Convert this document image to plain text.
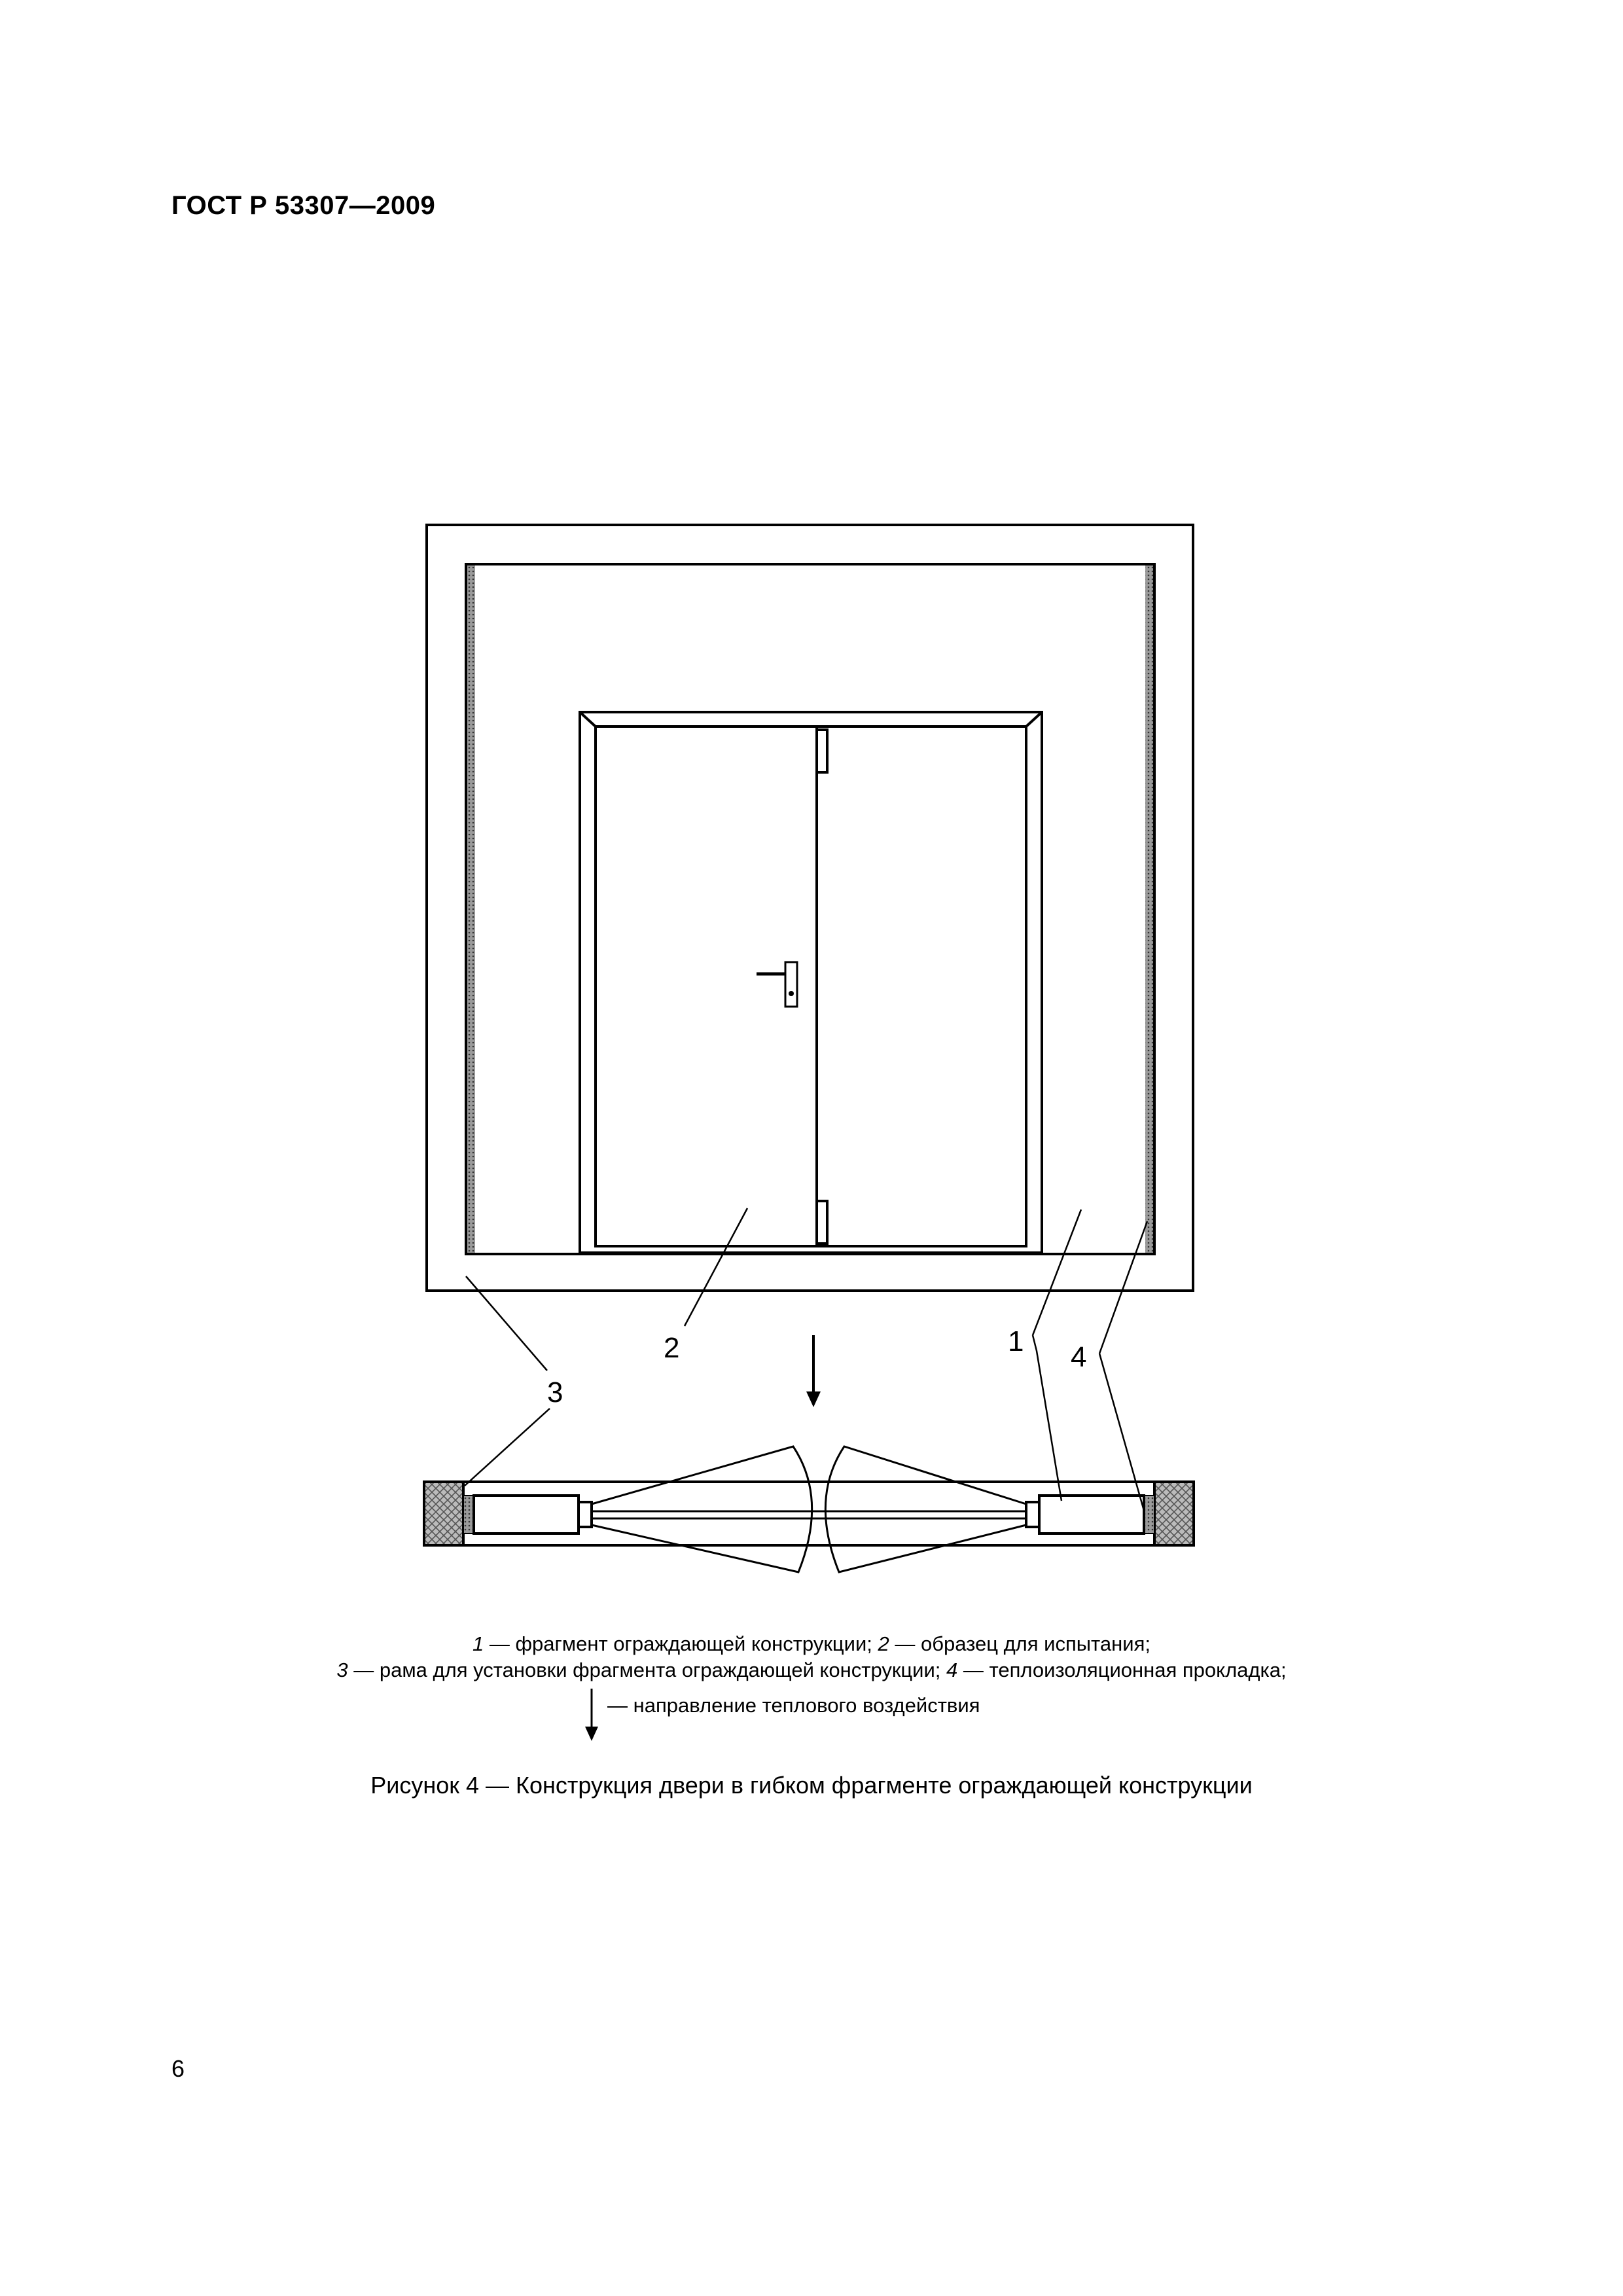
ГОСТ Р 53307—2009
2	1 4
3
1 — фрагмент ограждающей конструкции; 2 — образец для испытания;
3 — рама для установки фрагмента ограждающей конструкции; 4 — теплоизоляционная прокладка;
— направление теплового воздействия
Рисунок 4 — Конструкция двери в гибком фрагменте ограждающей конструкции
6
